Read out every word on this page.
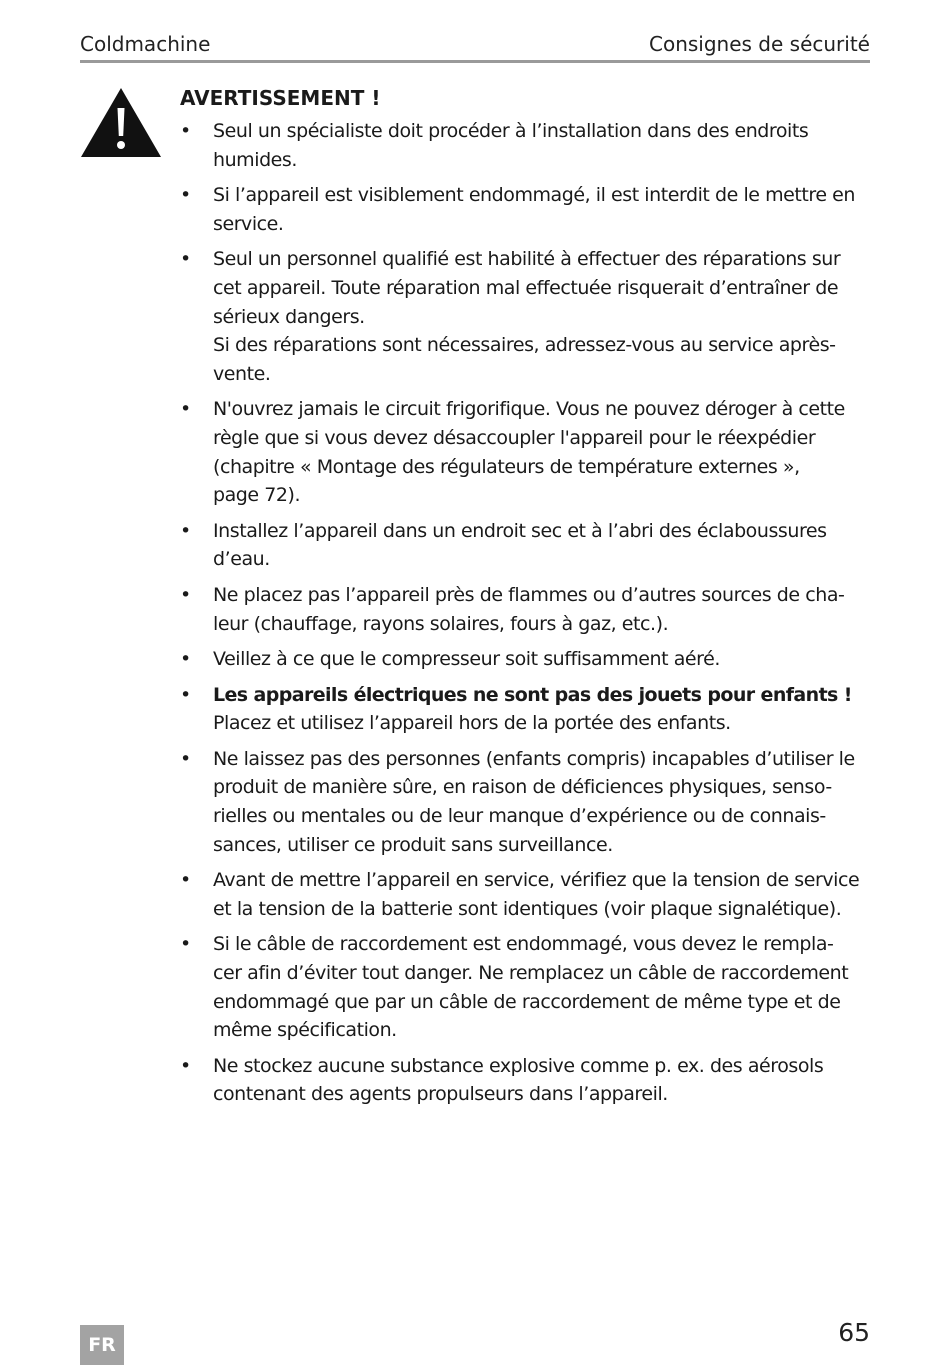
Coldmachine	Consignes de sécurité
AVERTISSEMENT !
• Seul un spécialiste doit procéder à l’installation dans des endroits
humides.
• Si l’appareil est visiblement endommagé, il est interdit de le mettre en
service.
• Seul un personnel qualifié est habilité à effectuer des réparations sur
cet appareil. Toute réparation mal effectuée risquerait d’entraîner de
sérieux dangers.
Si des réparations sont nécessaires, adressez-vous au service après-
vente.
• N'ouvrez jamais le circuit frigorifique. Vous ne pouvez déroger à cette
règle que si vous devez désaccoupler l'appareil pour le réexpédier
(chapitre « Montage des régulateurs de température externes »,
page 72).
• Installez l’appareil dans un endroit sec et à l’abri des éclaboussures
d’eau.
• Ne placez pas l’appareil près de flammes ou d’autres sources de cha-
leur (chauffage, rayons solaires, fours à gaz, etc.).
• Veillez à ce que le compresseur soit suffisamment aéré.
• Les appareils électriques ne sont pas des jouets pour enfants !
Placez et utilisez l’appareil hors de la portée des enfants.
• Ne laissez pas des personnes (enfants compris) incapables d’utiliser le
produit de manière sûre, en raison de déficiences physiques, senso-
rielles ou mentales ou de leur manque d’expérience ou de connais-
sances, utiliser ce produit sans surveillance.
• Avant de mettre l’appareil en service, vérifiez que la tension de service
et la tension de la batterie sont identiques (voir plaque signalétique).
• Si le câble de raccordement est endommagé, vous devez le rempla-
cer afin d’éviter tout danger. Ne remplacez un câble de raccordement
endommagé que par un câble de raccordement de même type et de
même spécification.
• Ne stockez aucune substance explosive comme p. ex. des aérosols
contenant des agents propulseurs dans l’appareil.
FR	65
